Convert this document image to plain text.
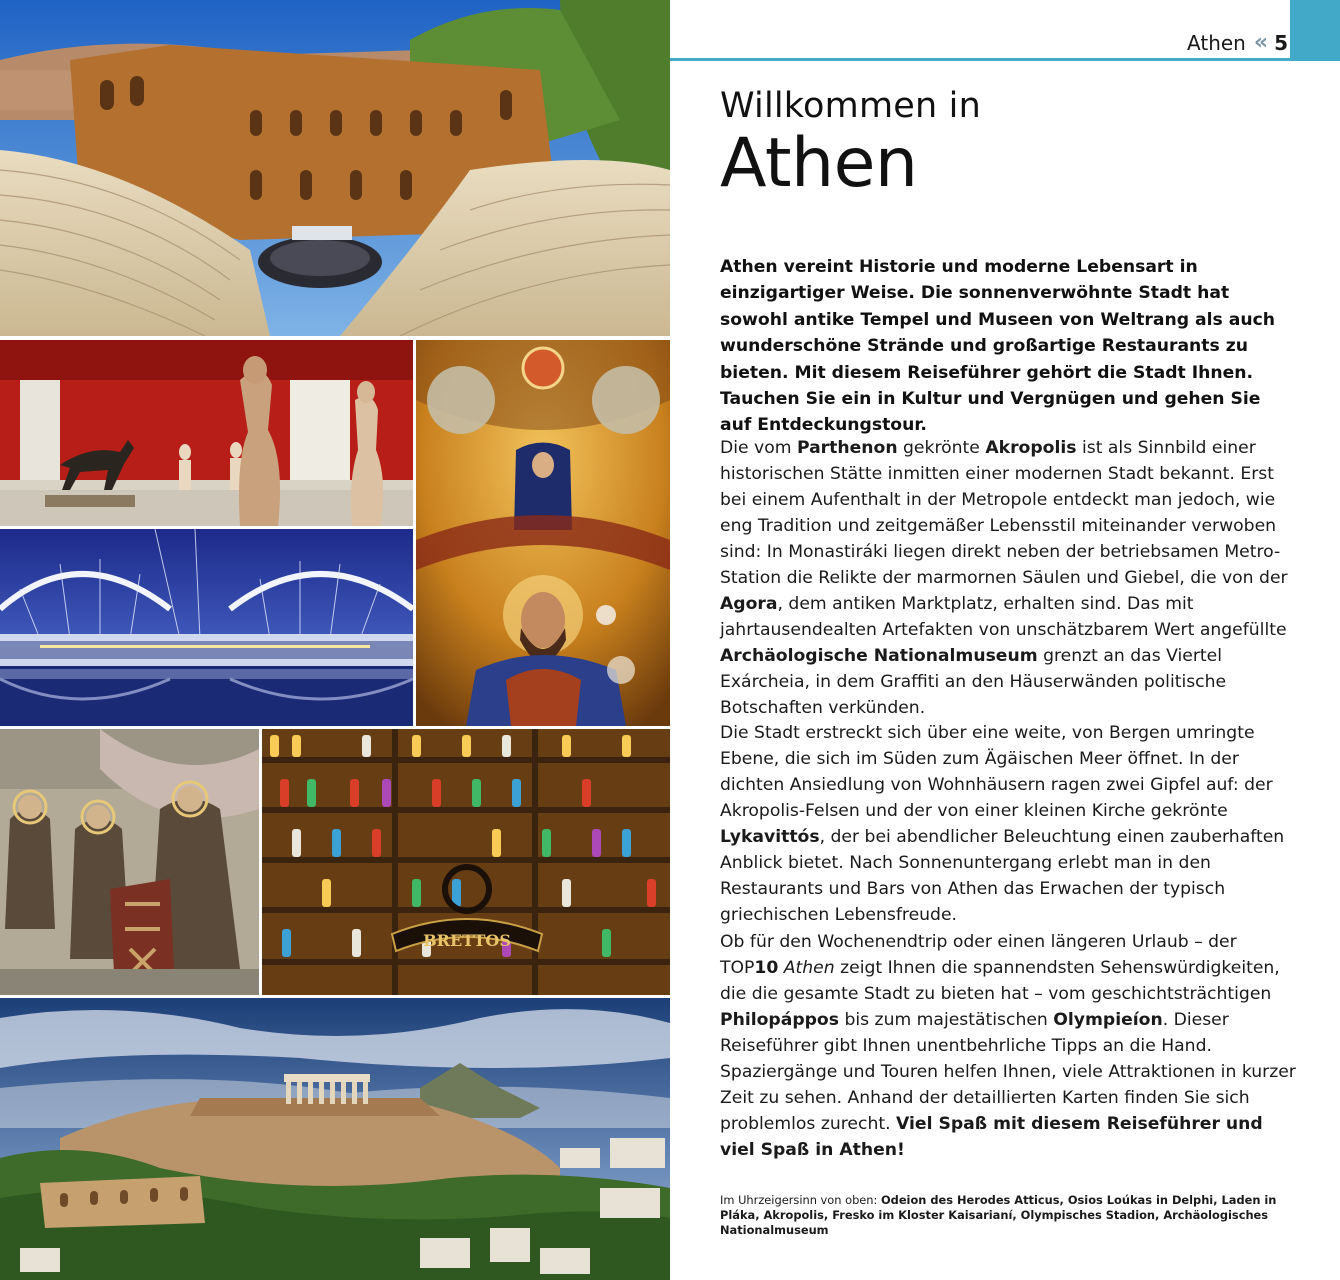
BRETTOS
Athen « 5
Willkommen in
Athen
Athen vereint Historie und moderne Lebensart in einzigartiger Weise. Die sonnenverwöhnte Stadt hat sowohl antike Tempel und Museen von Weltrang als auch wunderschöne Strände und großartige Restaurants zu bieten. Mit diesem Reiseführer gehört die Stadt Ihnen. Tauchen Sie ein in Kultur und Vergnügen und gehen Sie auf Entdeckungstour.

Die vom Parthenon gekrönte Akropolis ist als Sinnbild einer historischen Stätte inmitten einer modernen Stadt bekannt. Erst bei einem Aufenthalt in der Metropole entdeckt man jedoch, wie eng Tradition und zeitgemäßer Lebensstil miteinander verwoben sind: In Monastiráki liegen direkt neben der betriebsamen Metro-Station die Relikte der marmornen Säulen und Giebel, die von der Agora, dem antiken Marktplatz, erhalten sind. Das mit jahrtausendealten Artefakten von unschätzbarem Wert angefüllte Archäologische Nationalmuseum grenzt an das Viertel Exárcheia, in dem Graffiti an den Häuserwänden politische Botschaften verkünden.

Die Stadt erstreckt sich über eine weite, von Bergen umringte Ebene, die sich im Süden zum Ägäischen Meer öffnet. In der dichten Ansiedlung von Wohnhäusern ragen zwei Gipfel auf: der Akropolis-Felsen und der von einer kleinen Kirche gekrönte Lykavittós, der bei abendlicher Beleuchtung einen zauberhaften Anblick bietet. Nach Sonnenuntergang erlebt man in den Restaurants und Bars von Athen das Erwachen der typisch griechischen Lebensfreude.

Ob für den Wochenendtrip oder einen längeren Urlaub – der TOP10 Athen zeigt Ihnen die spannendsten Sehenswürdigkeiten, die die gesamte Stadt zu bieten hat – vom geschichtsträchtigen Philopáppos bis zum majestätischen Olympieíon. Dieser Reiseführer gibt Ihnen unentbehrliche Tipps an die Hand. Spaziergänge und Touren helfen Ihnen, viele Attraktionen in kurzer Zeit zu sehen. Anhand der detaillierten Karten finden Sie sich problemlos zurecht. Viel Spaß mit diesem Reiseführer und viel Spaß in Athen!

Im Uhrzeigersinn von oben: Odeion des Herodes Atticus, Osios Loúkas in Delphi, Laden in Pláka, Akropolis, Fresko im Kloster Kaisarianí, Olympisches Stadion, Archäologisches Nationalmuseum
